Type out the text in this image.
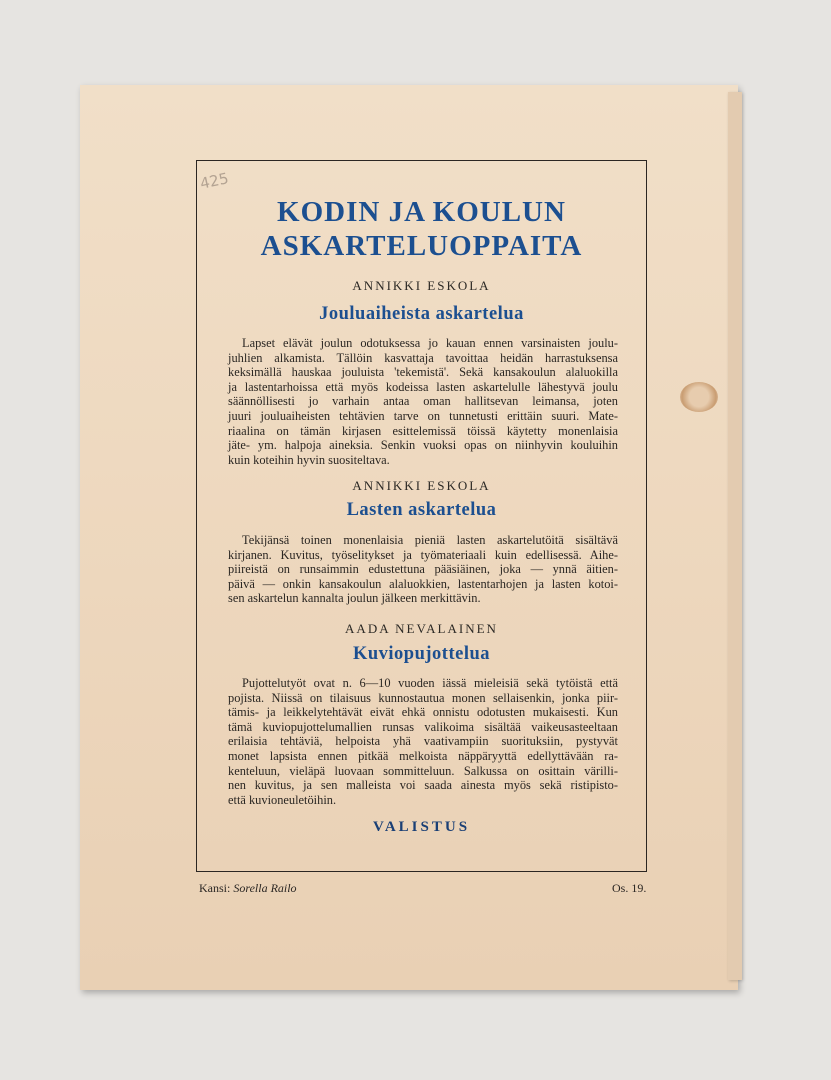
425
KODIN JA KOULUN
ASKARTELUOPPAITA
ANNIKKI ESKOLA
Jouluaiheista askartelua
Lapset elävät joulun odotuksessa jo kauan ennen varsinaisten joulu-
juhlien alkamista. Tällöin kasvattaja tavoittaa heidän harrastuksensa
keksimällä hauskaa jouluista 'tekemistä'. Sekä kansakoulun alaluokilla
ja lastentarhoissa että myös kodeissa lasten askartelulle lähestyvä joulu
säännöllisesti jo varhain antaa oman hallitsevan leimansa, joten
juuri jouluaiheisten tehtävien tarve on tunnetusti erittäin suuri. Mate-
riaalina on tämän kirjasen esittelemissä töissä käytetty monenlaisia
jäte- ym. halpoja aineksia. Senkin vuoksi opas on niinhyvin kouluihin
kuin koteihin hyvin suositeltava.
ANNIKKI ESKOLA
Lasten askartelua
Tekijänsä toinen monenlaisia pieniä lasten askartelutöitä sisältävä
kirjanen. Kuvitus, työselitykset ja työmateriaali kuin edellisessä. Aihe-
piireistä on runsaimmin edustettuna pääsiäinen, joka — ynnä äitien-
päivä — onkin kansakoulun alaluokkien, lastentarhojen ja lasten kotoi-
sen askartelun kannalta joulun jälkeen merkittävin.
AADA NEVALAINEN
Kuviopujottelua
Pujottelutyöt ovat n. 6—10 vuoden iässä mieleisiä sekä tytöistä että
pojista. Niissä on tilaisuus kunnostautua monen sellaisenkin, jonka piir-
tämis- ja leikkelytehtävät eivät ehkä onnistu odotusten mukaisesti. Kun
tämä kuviopujottelumallien runsas valikoima sisältää vaikeusasteeltaan
erilaisia tehtäviä, helpoista yhä vaativampiin suorituksiin, pystyvät
monet lapsista ennen pitkää melkoista näppäryyttä edellyttävään ra-
kenteluun, vieläpä luovaan sommitteluun. Salkussa on osittain värilli-
nen kuvitus, ja sen malleista voi saada ainesta myös sekä ristipisto-
että kuvioneuletöihin.
VALISTUS
Kansi: Sorella Railo	Os. 19.
